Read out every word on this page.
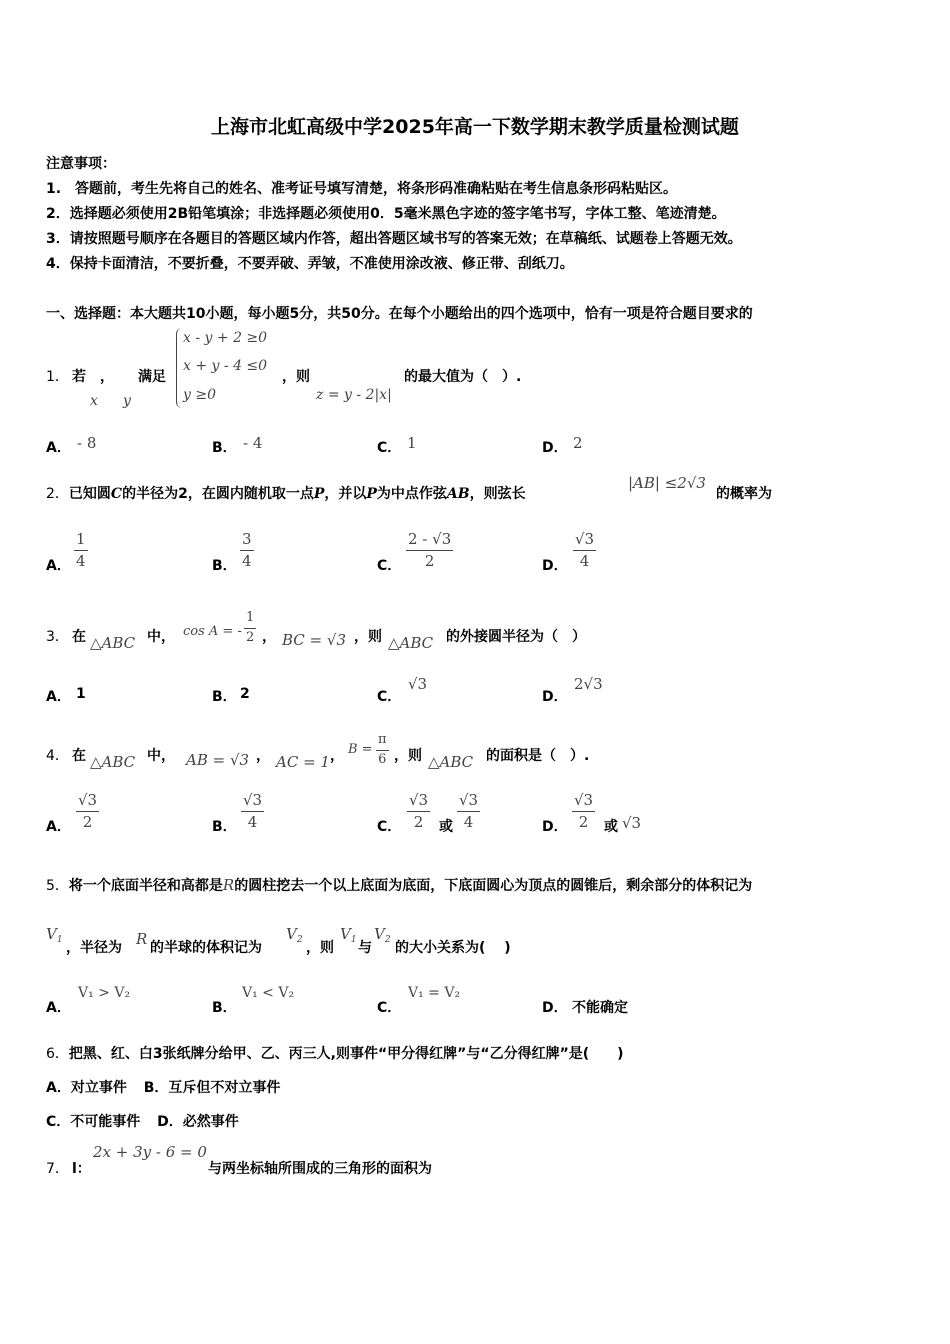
上海市北虹高级中学2025年高一下数学期末教学质量检测试题
注意事项：
1.　答题前，考生先将自己的姓名、准考证号填写清楚，将条形码准确粘贴在考生信息条形码粘贴区。
2．选择题必须使用2B铅笔填涂；非选择题必须使用0．5毫米黑色字迹的签字笔书写，字体工整、笔迹清楚。
3．请按照题号顺序在各题目的答题区域内作答，超出答题区域书写的答案无效；在草稿纸、试题卷上答题无效。
4．保持卡面清洁，不要折叠，不要弄破、弄皱，不准使用涂改液、修正带、刮纸刀。
一、选择题：本大题共10小题，每小题5分，共50分。在每个小题给出的四个选项中，恰有一项是符合题目要求的
1． 若 ， 满足
x y
x - y + 2 ≥0
x + y - 4 ≤0
y ≥0
，则
z = y - 2|x|
的最大值为（　）.
A． - 8	B． - 4	C． 1	D． 2
2．已知圆C的半径为2，在圆内随机取一点P，并以P为中点作弦AB，则弦长
|AB| ≤2√3
的概率为
A． $\frac{1}{4}$	B． $\frac{3}{4}$	C． $\frac{2 - √3}{2}$	D． $\frac{√3}{4}$
3． 在 △ABC 中， cos A = - $\frac{1}{2}$ ， BC = √3 ，则 △ABC 的外接圆半径为（　）
A． 1	B． 2	C．
√3
D．
2√3
4． 在 △ABC 中， AB = √3 ， AC = 1 ， $B = \frac{\pi}{6}$ ，则 △ABC 的面积是（　）.
A． $\frac{√3}{2}$	B． $\frac{√3}{4}$	C． $\frac{√3}{2}$ 或 $\frac{√3}{4}$	D． $\frac{√3}{2}$ 或 √3
5．将一个底面半径和高都是R的圆柱挖去一个以上底面为底面，下底面圆心为顶点的圆锥后，剩余部分的体积记为
$V_1$ ，半径为 R 的半球的体积记为
$V_2$ ，则
$V_1$ 与
$V_2$ 的大小关系为(　 )
A．
V₁ > V₂
B．
V₁ < V₂
C．
V₁ = V₂
D． 不能确定
6．把黑、红、白3张纸牌分给甲、乙、丙三人,则事件“甲分得红牌”与“乙分得红牌”是(　　)
A．对立事件 B．互斥但不对立事件
C．不可能事件 D．必然事件
7． l：
2x + 3y - 6 = 0
与两坐标轴所围成的三角形的面积为
